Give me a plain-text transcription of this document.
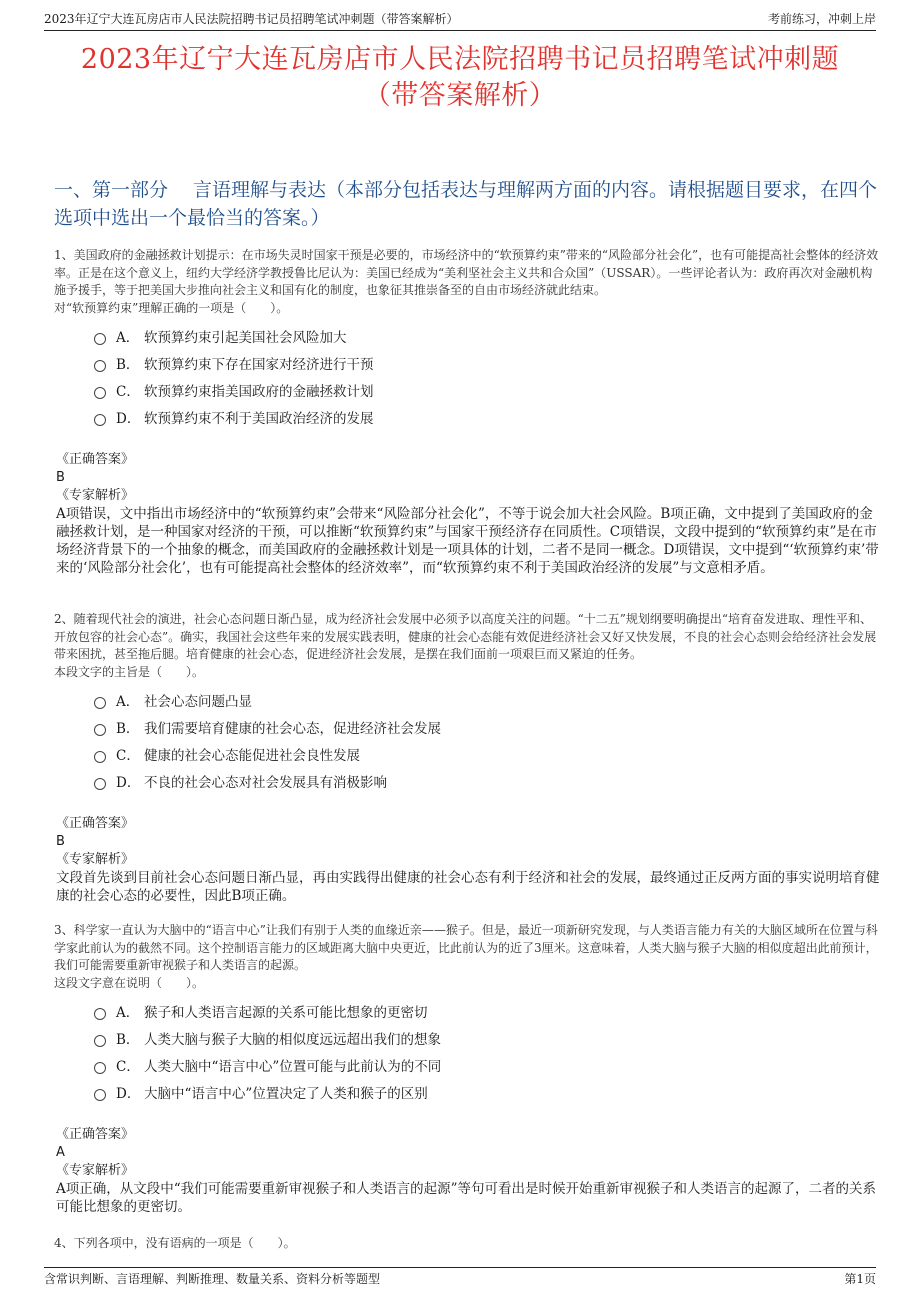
2023年辽宁大连瓦房店市人民法院招聘书记员招聘笔试冲刺题（带答案解析）	考前练习，冲刺上岸
2023年辽宁大连瓦房店市人民法院招聘书记员招聘笔试冲刺题
（带答案解析）
一、第一部分　 言语理解与表达（本部分包括表达与理解两方面的内容。请根据题目要求，在四个选项中选出一个最恰当的答案。）

1、美国政府的金融拯救计划提示：在市场失灵时国家干预是必要的，市场经济中的“软预算约束”带来的“风险部分社会化”，也有可能提高社会整体的经济效率。正是在这个意义上，纽约大学经济学教授鲁比尼认为：美国已经成为“美利坚社会主义共和合众国”（USSAR）。一些评论者认为：政府再次对金融机构施予援手，等于把美国大步推向社会主义和国有化的制度，也象征其推崇备至的自由市场经济就此结束。

对“软预算约束”理解正确的一项是（　　）。

A． 软预算约束引起美国社会风险加大
B． 软预算约束下存在国家对经济进行干预
C． 软预算约束指美国政府的金融拯救计划
D． 软预算约束不利于美国政治经济的发展
《正确答案》
B
《专家解析》

A项错误，文中指出市场经济中的“软预算约束”会带来“风险部分社会化”，不等于说会加大社会风险。B项正确，文中提到了美国政府的金融拯救计划，是一种国家对经济的干预，可以推断“软预算约束”与国家干预经济存在同质性。C项错误，文段中提到的“软预算约束”是在市场经济背景下的一个抽象的概念，而美国政府的金融拯救计划是一项具体的计划，二者不是同一概念。D项错误，文中提到“‘软预算约束’带来的‘风险部分社会化’，也有可能提高社会整体的经济效率”，而“软预算约束不利于美国政治经济的发展”与文意相矛盾。

2、随着现代社会的演进，社会心态问题日渐凸显，成为经济社会发展中必须予以高度关注的问题。“十二五”规划纲要明确提出“培育奋发进取、理性平和、开放包容的社会心态”。确实，我国社会这些年来的发展实践表明，健康的社会心态能有效促进经济社会又好又快发展，不良的社会心态则会给经济社会发展带来困扰，甚至拖后腿。培育健康的社会心态，促进经济社会发展，是摆在我们面前一项艰巨而又紧迫的任务。

本段文字的主旨是（　　）。

A． 社会心态问题凸显
B． 我们需要培育健康的社会心态，促进经济社会发展
C． 健康的社会心态能促进社会良性发展
D． 不良的社会心态对社会发展具有消极影响
《正确答案》
B
《专家解析》

文段首先谈到目前社会心态问题日渐凸显，再由实践得出健康的社会心态有利于经济和社会的发展，最终通过正反两方面的事实说明培育健康的社会心态的必要性，因此B项正确。

3、科学家一直认为大脑中的“语言中心”让我们有别于人类的血缘近亲——猴子。但是，最近一项新研究发现，与人类语言能力有关的大脑区域所在位置与科学家此前认为的截然不同。这个控制语言能力的区域距离大脑中央更近，比此前认为的近了3厘米。这意味着，人类大脑与猴子大脑的相似度超出此前预计，我们可能需要重新审视猴子和人类语言的起源。

这段文字意在说明（　　）。

A． 猴子和人类语言起源的关系可能比想象的更密切
B． 人类大脑与猴子大脑的相似度远远超出我们的想象
C． 人类大脑中“语言中心”位置可能与此前认为的不同
D． 大脑中“语言中心”位置决定了人类和猴子的区别
《正确答案》
A
《专家解析》

A项正确，从文段中“我们可能需要重新审视猴子和人类语言的起源”等句可看出是时候开始重新审视猴子和人类语言的起源了，二者的关系可能比想象的更密切。

4、下列各项中，没有语病的一项是（　　）。

含常识判断、言语理解、判断推理、数量关系、资料分析等题型	第1页
